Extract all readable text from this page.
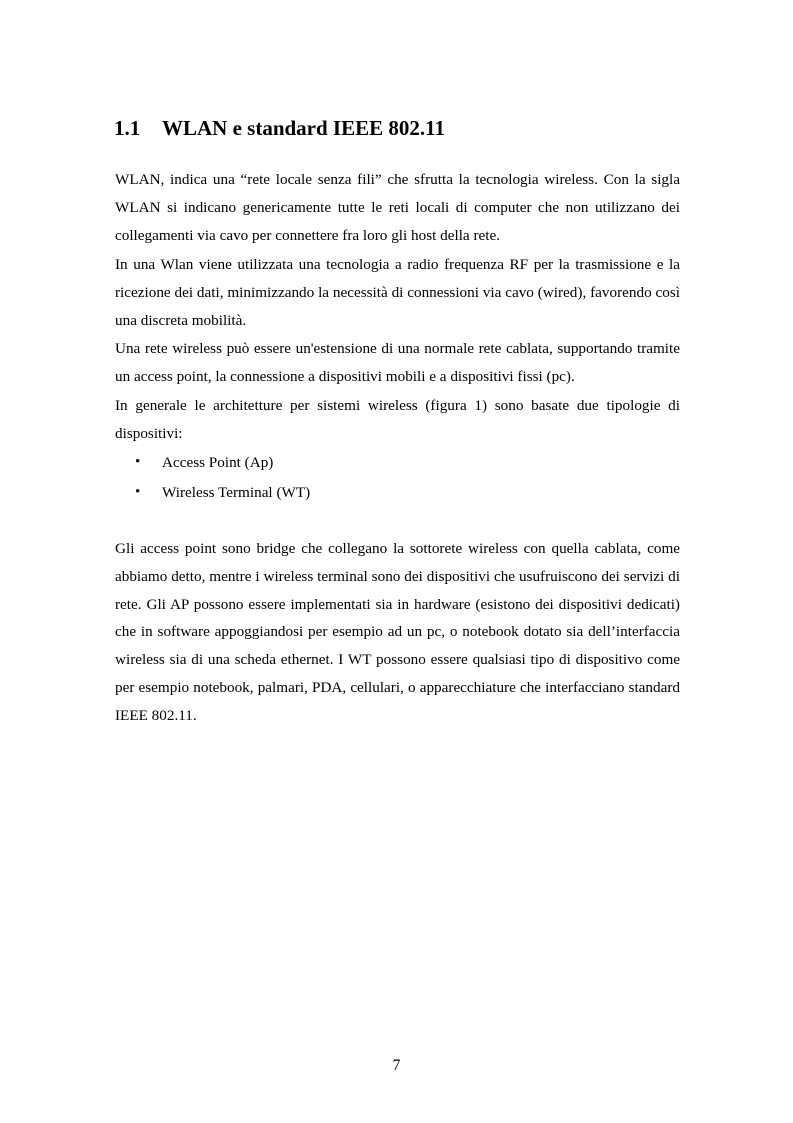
1.1 WLAN e standard IEEE 802.11

WLAN, indica una “rete locale senza fili” che sfrutta la tecnologia wireless. Con la sigla WLAN si indicano genericamente tutte le reti locali di computer che non utilizzano dei collegamenti via cavo per connettere fra loro gli host della rete.

In una Wlan viene utilizzata una tecnologia a radio frequenza RF per la trasmissione e la ricezione dei dati, minimizzando la necessità di connessioni via cavo (wired), favorendo così una discreta mobilità.

Una rete wireless può essere un'estensione di una normale rete cablata, supportando tramite un access point, la connessione a dispositivi mobili e a dispositivi fissi (pc).

In generale le architetture per sistemi wireless (figura 1) sono basate due tipologie di dispositivi:

• Access Point (Ap)
• Wireless Terminal (WT)

Gli access point sono bridge che collegano la sottorete wireless con quella cablata, come abbiamo detto, mentre i wireless terminal sono dei dispositivi che usufruiscono dei servizi di rete. Gli AP possono essere implementati sia in hardware (esistono dei dispositivi dedicati) che in software appoggiandosi per esempio ad un pc, o notebook dotato sia dell’interfaccia wireless sia di una scheda ethernet. I WT possono essere qualsiasi tipo di dispositivo come per esempio notebook, palmari, PDA, cellulari, o apparecchiature che interfacciano standard IEEE 802.11.

7
